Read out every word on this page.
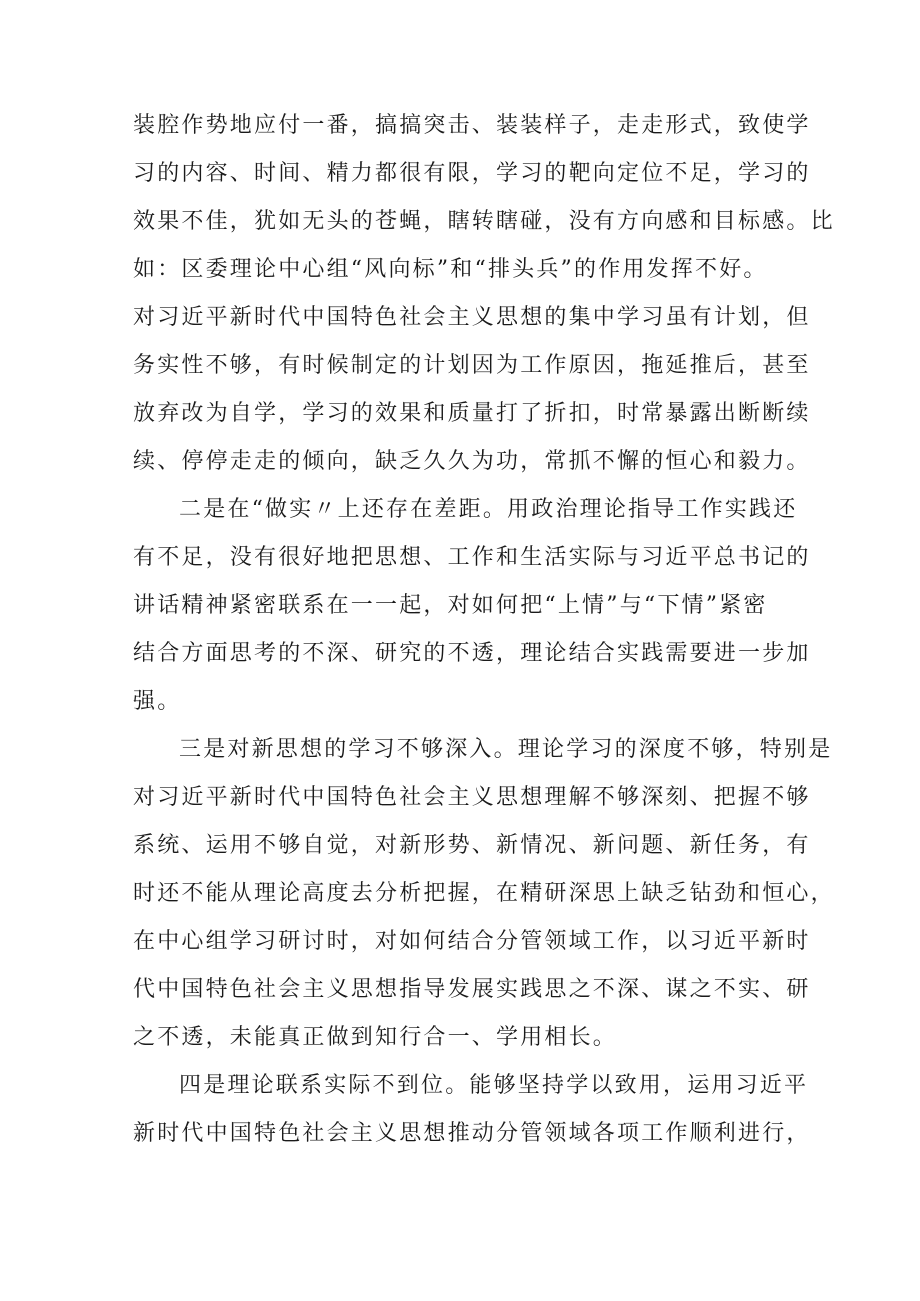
装腔作势地应付一番，搞搞突击、装装样子，走走形式，致使学
习的内容、时间、精力都很有限，学习的靶向定位不足，学习的
效果不佳，犹如无头的苍蝇，瞎转瞎碰，没有方向感和目标感。比
如：区委理论中心组“风向标”和“排头兵”的作用发挥不好。
对习近平新时代中国特色社会主义思想的集中学习虽有计划，但
务实性不够，有时候制定的计划因为工作原因，拖延推后，甚至
放弃改为自学，学习的效果和质量打了折扣，时常暴露出断断续
续、停停走走的倾向，缺乏久久为功，常抓不懈的恒心和毅力。
二是在“做实〃上还存在差距。用政治理论指导工作实践还
有不足，没有很好地把思想、工作和生活实际与习近平总书记的
讲话精神紧密联系在一一起，对如何把“上情”与“下情”紧密
结合方面思考的不深、研究的不透，理论结合实践需要进一步加
强。
三是对新思想的学习不够深入。理论学习的深度不够，特别是
对习近平新时代中国特色社会主义思想理解不够深刻、把握不够
系统、运用不够自觉，对新形势、新情况、新问题、新任务，有
时还不能从理论高度去分析把握，在精研深思上缺乏钻劲和恒心，
在中心组学习研讨时，对如何结合分管领域工作，以习近平新时
代中国特色社会主义思想指导发展实践思之不深、谋之不实、研
之不透，未能真正做到知行合一、学用相长。
四是理论联系实际不到位。能够坚持学以致用，运用习近平
新时代中国特色社会主义思想推动分管领域各项工作顺利进行，
